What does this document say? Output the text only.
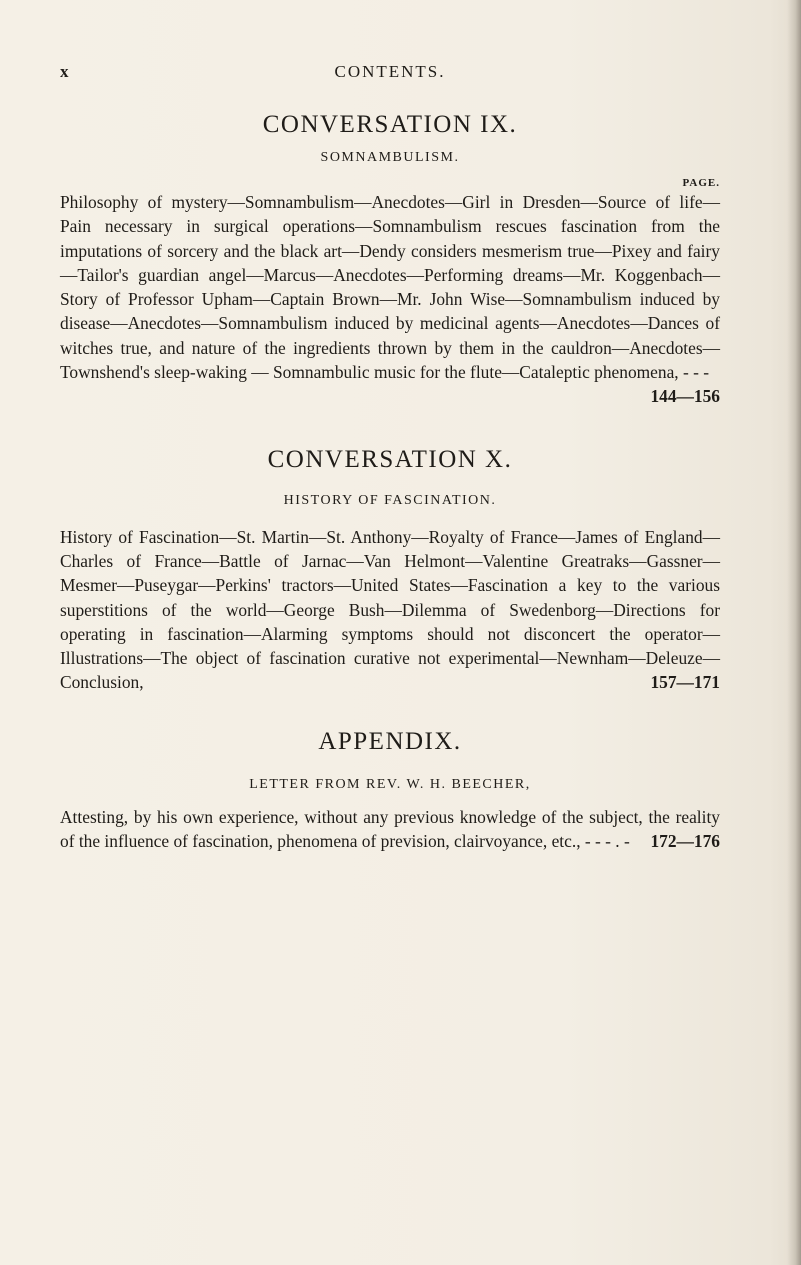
x	CONTENTS.
CONVERSATION IX.
SOMNAMBULISM.
PAGE.

Philosophy of mystery—Somnambulism—Anecdotes—Girl in Dresden—Source of life—Pain necessary in surgical operations—Somnambulism rescues fascination from the imputations of sorcery and the black art—Dendy considers mesmerism true—Pixey and fairy—Tailor's guardian angel—Marcus—Anecdotes—Performing dreams—Mr. Koggenbach—Story of Professor Upham—Captain Brown—Mr. John Wise—Somnambulism induced by disease—Anecdotes—Somnambulism induced by medicinal agents—Anecdotes—Dances of witches true, and nature of the ingredients thrown by them in the cauldron—Anecdotes— Townshend's sleep-waking — Somnambulic music for the flute—Cataleptic phenomena, - - -
144—156

CONVERSATION X.
HISTORY OF FASCINATION.

History of Fascination—St. Martin—St. Anthony—Royalty of France—James of England—Charles of France—Battle of Jarnac—Van Helmont—Valentine Greatraks—Gassner—Mesmer—Puseygar—Perkins' tractors—United States—Fascination a key to the various superstitions of the world—George Bush—Dilemma of Swedenborg—Directions for operating in fascination—Alarming symptoms should not disconcert the operator—Illustrations—The object of fascination curative not experimental—Newnham—Deleuze—Conclusion,	157—171

APPENDIX.
LETTER FROM REV. W. H. BEECHER,

Attesting, by his own experience, without any previous knowledge of the subject, the reality of the influence of fascination, phenomena of prevision, clairvoyance, etc., - - - . - 172—176
